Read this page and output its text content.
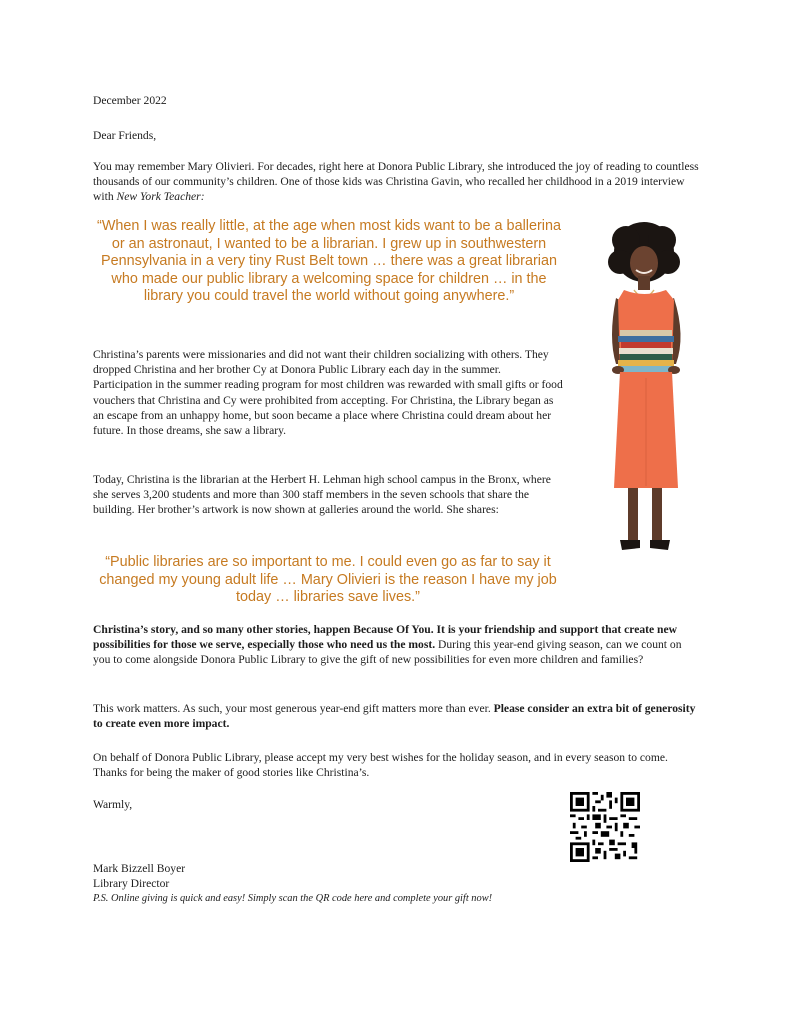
December 2022

Dear Friends,

You may remember Mary Olivieri. For decades, right here at Donora Public Library, she introduced the joy of reading to countless thousands of our community’s children. One of those kids was Christina Gavin, who recalled her childhood in a 2019 interview with New York Teacher:

“When I was really little, at the age when most kids want to be a ballerina or an astronaut, I wanted to be a librarian. I grew up in southwestern Pennsylvania in a very tiny Rust Belt town … there was a great librarian who made our public library a welcoming space for children … in the library you could travel the world without going anywhere.”

Christina’s parents were missionaries and did not want their children socializing with others. They dropped Christina and her brother Cy at Donora Public Library each day in the summer. Participation in the summer reading program for most children was rewarded with small gifts or food vouchers that Christina and Cy were prohibited from accepting. For Christina, the Library began as an escape from an unhappy home, but soon became a place where Christina could dream about her future. In those dreams, she saw a library.

Today, Christina is the librarian at the Herbert H. Lehman high school campus in the Bronx, where she serves 3,200 students and more than 300 staff members in the seven schools that share the building. Her brother’s artwork is now shown at galleries around the world. She shares:

“Public libraries are so important to me. I could even go as far to say it changed my young adult life … Mary Olivieri is the reason I have my job today … libraries save lives.”

Christina’s story, and so many other stories, happen Because Of You. It is your friendship and support that create new possibilities for those we serve, especially those who need us the most. During this year-end giving season, can we count on you to come alongside Donora Public Library to give the gift of new possibilities for even more children and families?

This work matters. As such, your most generous year-end gift matters more than ever. Please consider an extra bit of generosity to create even more impact.

On behalf of Donora Public Library, please accept my very best wishes for the holiday season, and in every season to come. Thanks for being the maker of good stories like Christina’s.

Warmly,

Mark Bizzell Boyer

Library Director

P.S. Online giving is quick and easy! Simply scan the QR code here and complete your gift now!
